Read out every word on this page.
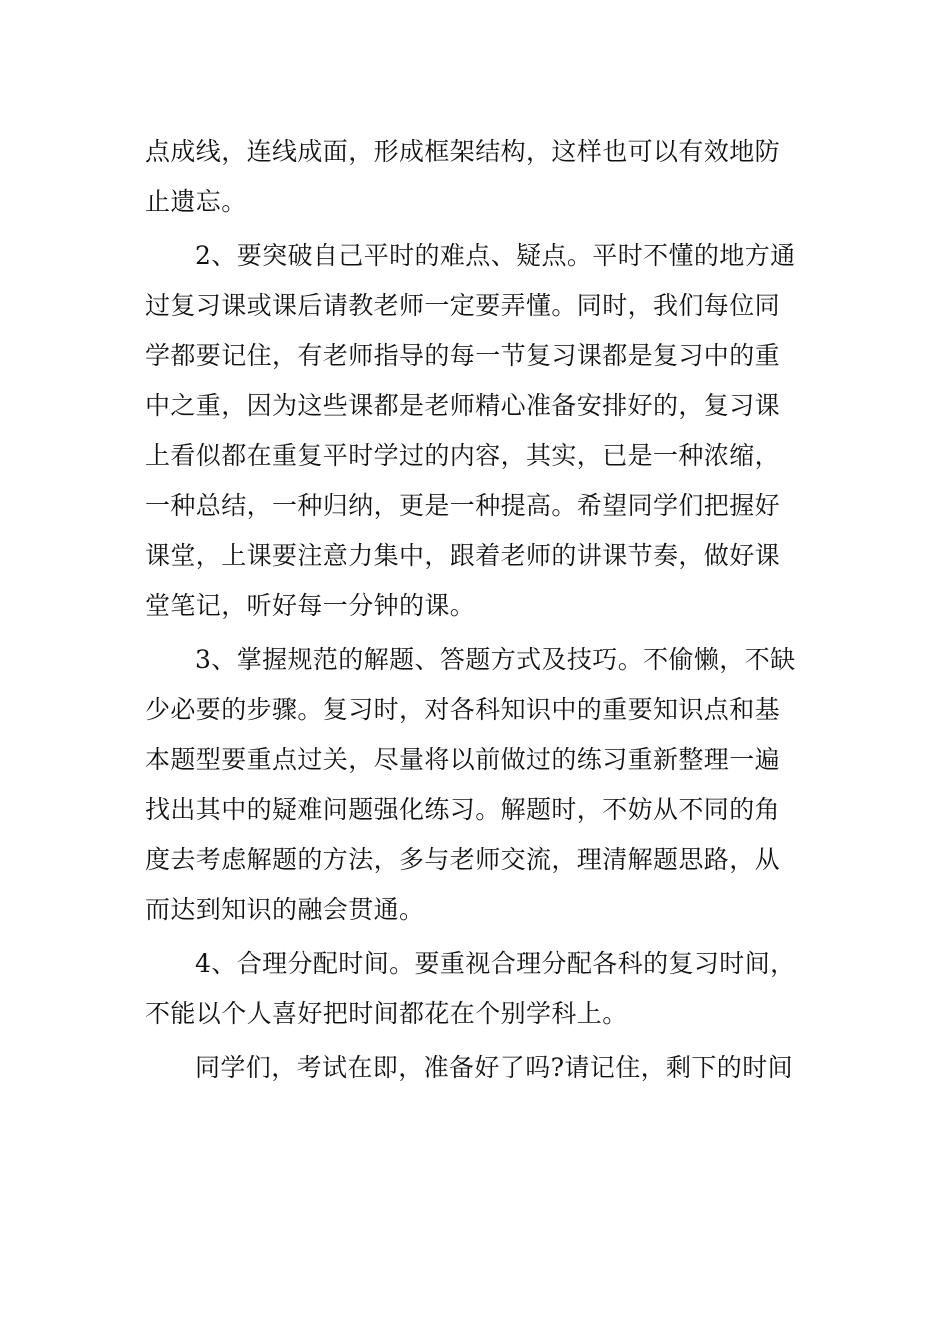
点成线，连线成面，形成框架结构，这样也可以有效地防
止遗忘。
2、要突破自己平时的难点、疑点。平时不懂的地方通
过复习课或课后请教老师一定要弄懂。同时，我们每位同
学都要记住，有老师指导的每一节复习课都是复习中的重
中之重，因为这些课都是老师精心准备安排好的，复习课
上看似都在重复平时学过的内容，其实，已是一种浓缩，
一种总结，一种归纳，更是一种提高。希望同学们把握好
课堂，上课要注意力集中，跟着老师的讲课节奏，做好课
堂笔记，听好每一分钟的课。
3、掌握规范的解题、答题方式及技巧。不偷懒，不缺
少必要的步骤。复习时，对各科知识中的重要知识点和基
本题型要重点过关，尽量将以前做过的练习重新整理一遍
找出其中的疑难问题强化练习。解题时，不妨从不同的角
度去考虑解题的方法，多与老师交流，理清解题思路，从
而达到知识的融会贯通。
4、合理分配时间。要重视合理分配各科的复习时间，
不能以个人喜好把时间都花在个别学科上。
同学们，考试在即，准备好了吗?请记住，剩下的时间
